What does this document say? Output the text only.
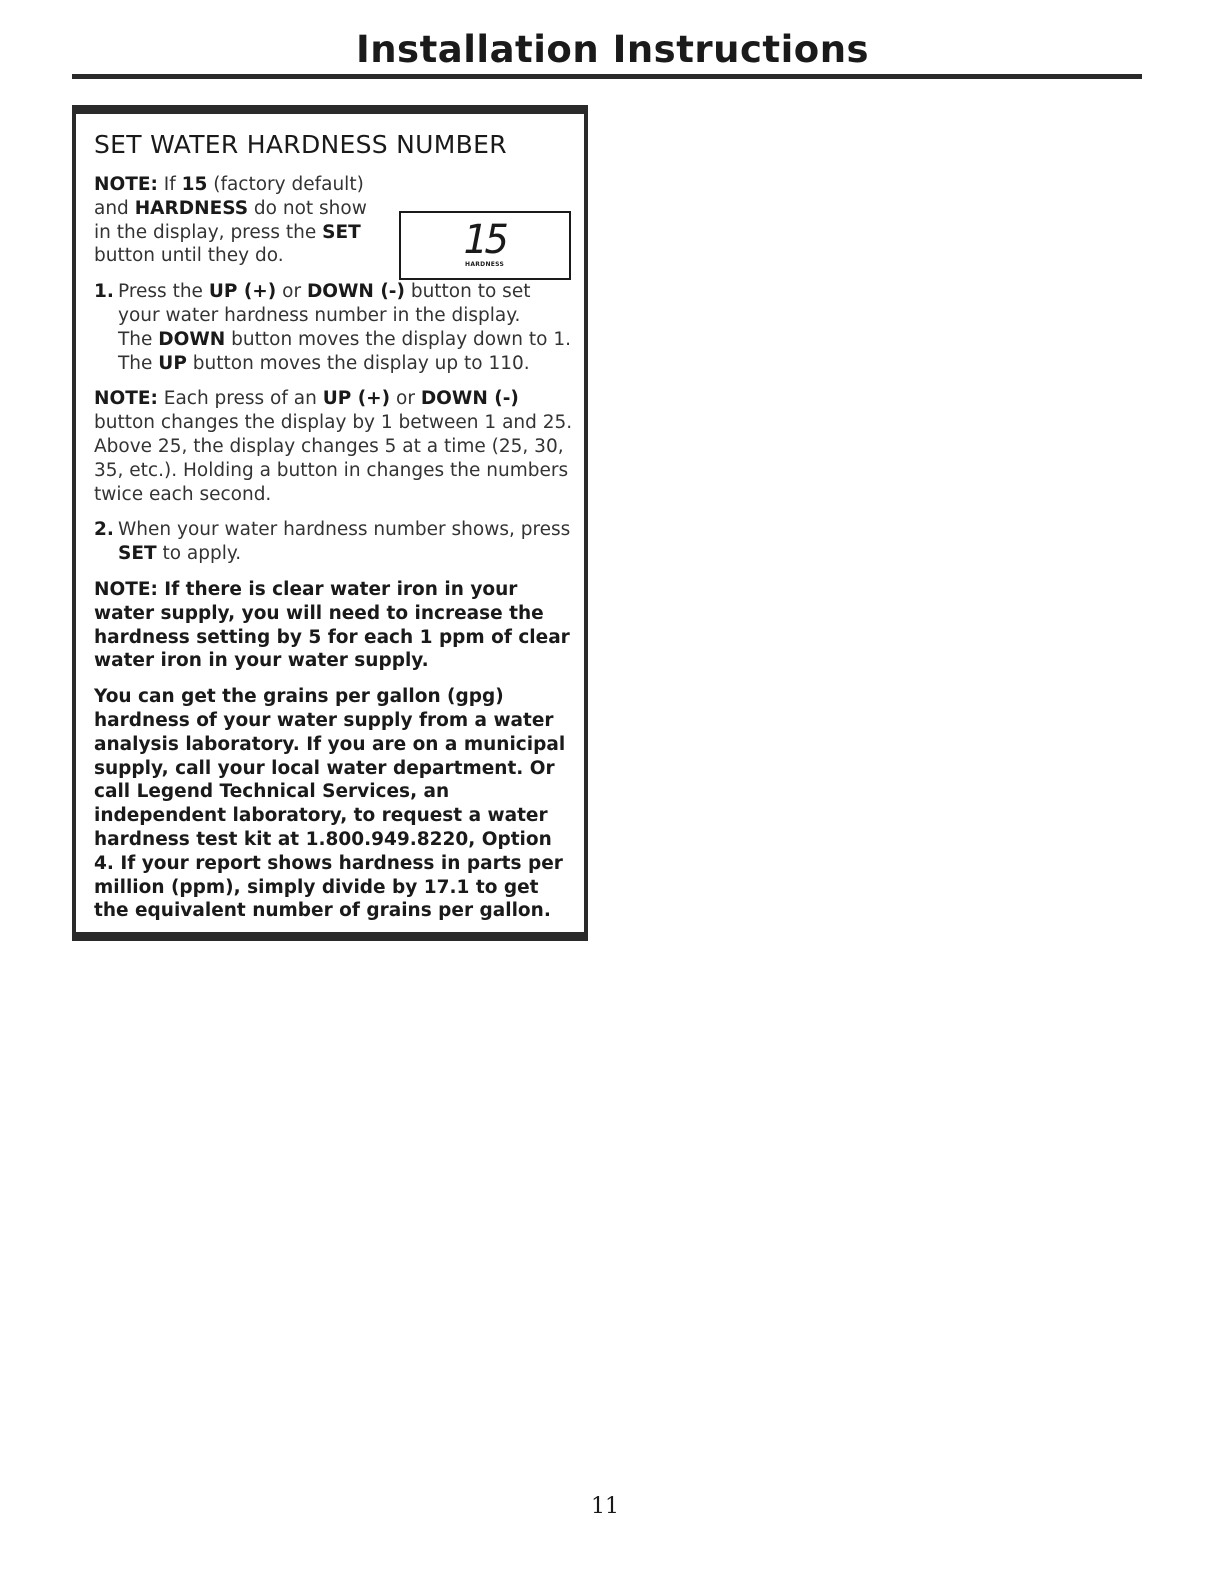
Installation Instructions
SET WATER HARDNESS NUMBER

NOTE: If 15 (factory default) and HARDNESS do not show in the display, press the SET button until they do.	15
HARDNESS
1. Press the UP (+) or DOWN (-) button to set your water hardness number in the display.
The DOWN button moves the display down to 1.
The UP button moves the display up to 110.

NOTE: Each press of an UP (+) or DOWN (-) button changes the display by 1 between 1 and 25. Above 25, the display changes 5 at a time (25, 30, 35, etc.). Holding a button in changes the numbers twice each second.

2. When your water hardness number shows, press SET to apply.

NOTE: If there is clear water iron in your water supply, you will need to increase the hardness setting by 5 for each 1 ppm of clear water iron in your water supply.

You can get the grains per gallon (gpg) hardness of your water supply from a water analysis laboratory. If you are on a municipal supply, call your local water department. Or call Legend Technical Services, an independent laboratory, to request a water hardness test kit at 1.800.949.8220, Option 4. If your report shows hardness in parts per million (ppm), simply divide by 17.1 to get the equivalent number of grains per gallon.

11
